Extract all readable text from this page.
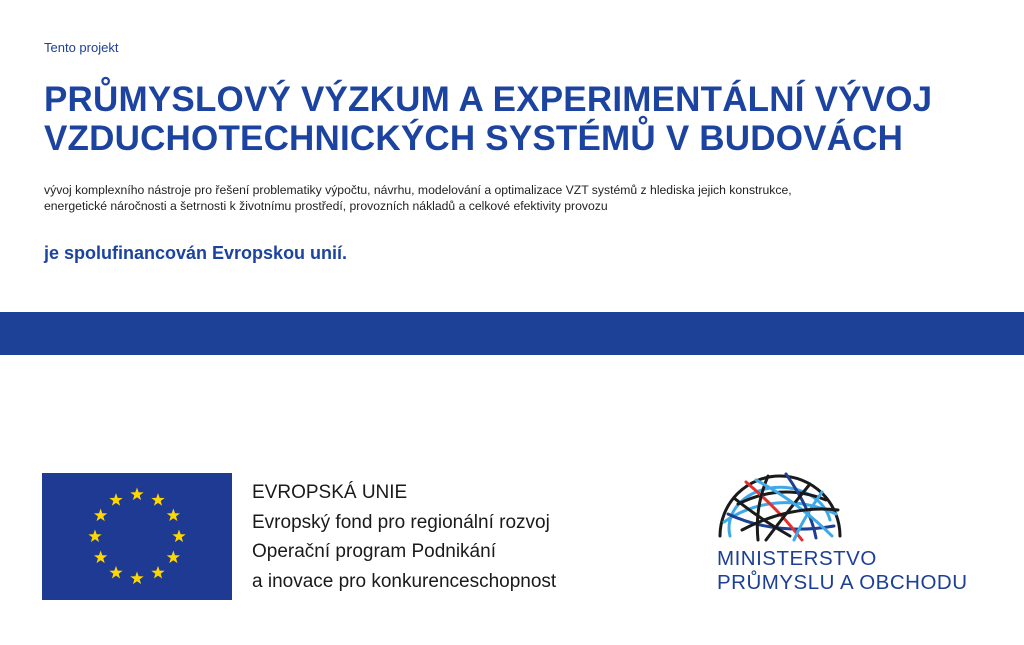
Tento projekt
PRŮMYSLOVÝ VÝZKUM A EXPERIMENTÁLNÍ VÝVOJ
VZDUCHOTECHNICKÝCH SYSTÉMŮ V BUDOVÁCH
vývoj komplexního nástroje pro řešení problematiky výpočtu, návrhu, modelování a optimalizace VZT systémů z hlediska jejich konstrukce,
energetické náročnosti a šetrnosti k životnímu prostředí, provozních nákladů a celkové efektivity provozu
je spolufinancován Evropskou unií.
EVROPSKÁ UNIE
Evropský fond pro regionální rozvoj
Operační program Podnikání
a inovace pro konkurenceschopnost
MINISTERSTVO
PRŮMYSLU A OBCHODU
